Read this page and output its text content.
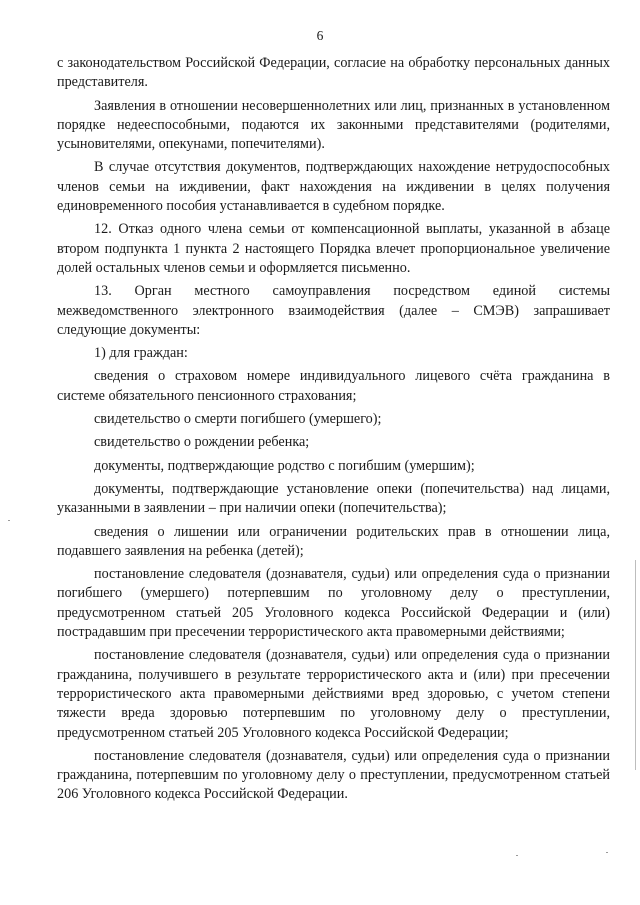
6

с законодательством Российской Федерации, согласие на обработку персональных данных представителя.

Заявления в отношении несовершеннолетних или лиц, признанных в установленном порядке недееспособными, подаются их законными представителями (родителями, усыновителями, опекунами, попечителями).

В случае отсутствия документов, подтверждающих нахождение нетрудоспособных членов семьи на иждивении, факт нахождения на иждивении в целях получения единовременного пособия устанавливается в судебном порядке.

12. Отказ одного члена семьи от компенсационной выплаты, указанной в абзаце втором подпункта 1 пункта 2 настоящего Порядка влечет пропорциональное увеличение долей остальных членов семьи и оформляется письменно.

13. Орган местного самоуправления посредством единой системы межведомственного электронного взаимодействия (далее – СМЭВ) запрашивает следующие документы:

1) для граждан:

сведения о страховом номере индивидуального лицевого счёта гражданина в системе обязательного пенсионного страхования;

свидетельство о смерти погибшего (умершего);

свидетельство о рождении ребенка;

документы, подтверждающие родство с погибшим (умершим);

документы, подтверждающие установление опеки (попечительства) над лицами, указанными в заявлении – при наличии опеки (попечительства);

сведения о лишении или ограничении родительских прав в отношении лица, подавшего заявления на ребенка (детей);

постановление следователя (дознавателя, судьи) или определения суда о признании погибшего (умершего) потерпевшим по уголовному делу о преступлении, предусмотренном статьей 205 Уголовного кодекса Российской Федерации и (или) пострадавшим при пресечении террористического акта правомерными действиями;

постановление следователя (дознавателя, судьи) или определения суда о признании гражданина, получившего в результате террористического акта и (или) при пресечении террористического акта правомерными действиями вред здоровью, с учетом степени тяжести вреда здоровью потерпевшим по уголовному делу о преступлении, предусмотренном статьей 205 Уголовного кодекса Российской Федерации;

постановление следователя (дознавателя, судьи) или определения суда о признании гражданина, потерпевшим по уголовному делу о преступлении, предусмотренном статьей 206 Уголовного кодекса Российской Федерации.
